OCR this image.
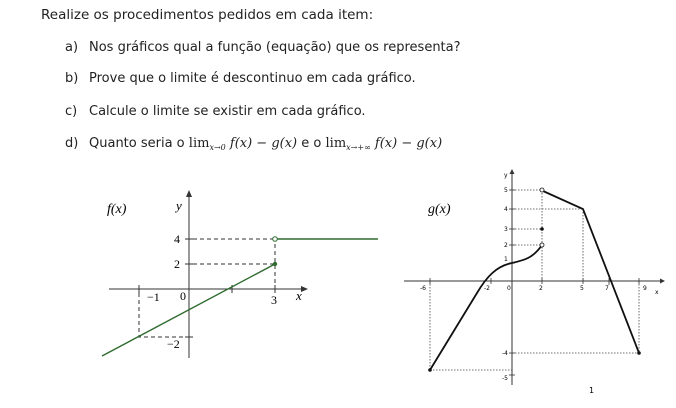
Realize os procedimentos pedidos em cada item:
a) Nos gráficos qual a função (equação) que os representa?
b) Prove que o limite é descontinuo em cada gráfico.
c) Calcule o limite se existir em cada gráfico.
d) Quanto seria o $\lim_{x\to 0} f(x) - g(x)$ e o $\lim_{x\to+\infty} f(x) - g(x)$
f(x)	y
x
0
−1	3
4
2
−2
g(x)
y
x
-6	-2	0	2	5	7	9
5
4
3
2
1
-4
-5
1
